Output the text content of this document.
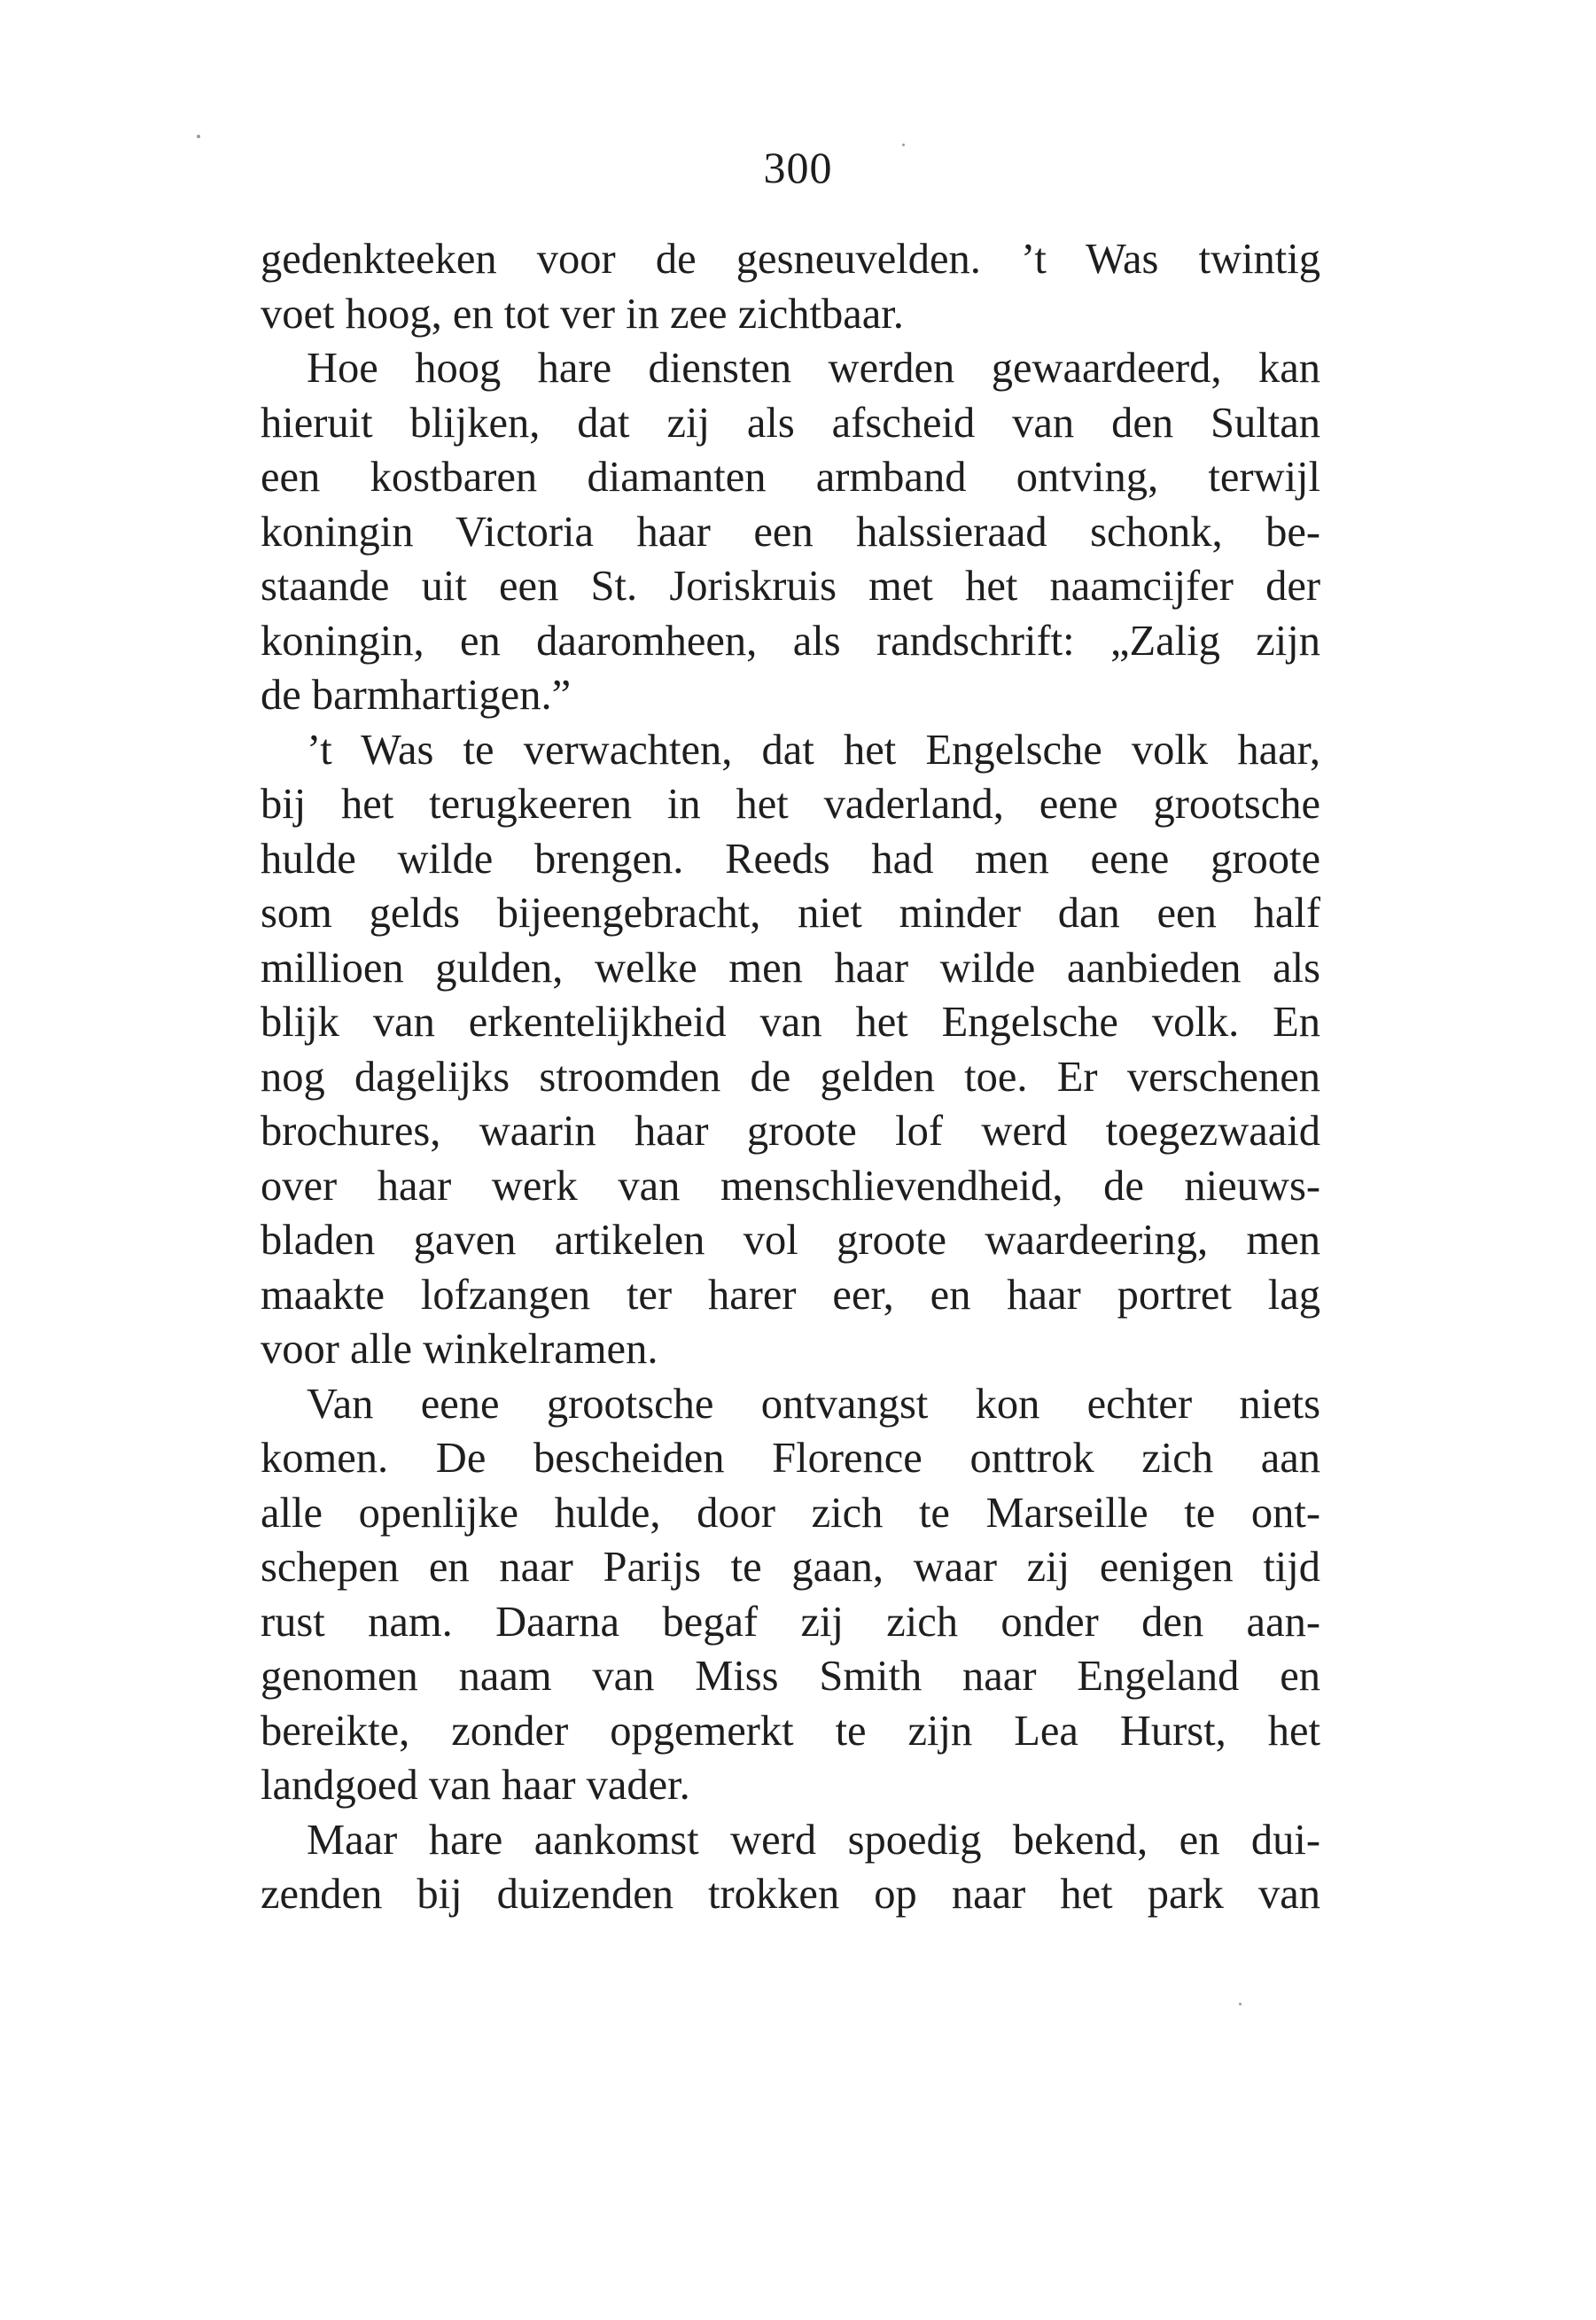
300
gedenkteeken voor de gesneuvelden. ’t Was twintig
voet hoog, en tot ver in zee zichtbaar.
Hoe hoog hare diensten werden gewaardeerd, kan
hieruit blijken, dat zij als afscheid van den Sultan
een kostbaren diamanten armband ontving, terwijl
koningin Victoria haar een halssieraad schonk, be-
staande uit een St. Joriskruis met het naamcijfer der
koningin, en daaromheen, als randschrift: „Zalig zijn
de barmhartigen.”
’t Was te verwachten, dat het Engelsche volk haar,
bij het terugkeeren in het vaderland, eene grootsche
hulde wilde brengen. Reeds had men eene groote
som gelds bijeengebracht, niet minder dan een half
millioen gulden, welke men haar wilde aanbieden als
blijk van erkentelijkheid van het Engelsche volk. En
nog dagelijks stroomden de gelden toe. Er verschenen
brochures, waarin haar groote lof werd toegezwaaid
over haar werk van menschlievendheid, de nieuws-
bladen gaven artikelen vol groote waardeering, men
maakte lofzangen ter harer eer, en haar portret lag
voor alle winkelramen.
Van eene grootsche ontvangst kon echter niets
komen. De bescheiden Florence onttrok zich aan
alle openlijke hulde, door zich te Marseille te ont-
schepen en naar Parijs te gaan, waar zij eenigen tijd
rust nam. Daarna begaf zij zich onder den aan-
genomen naam van Miss Smith naar Engeland en
bereikte, zonder opgemerkt te zijn Lea Hurst, het
landgoed van haar vader.
Maar hare aankomst werd spoedig bekend, en dui-
zenden bij duizenden trokken op naar het park van
